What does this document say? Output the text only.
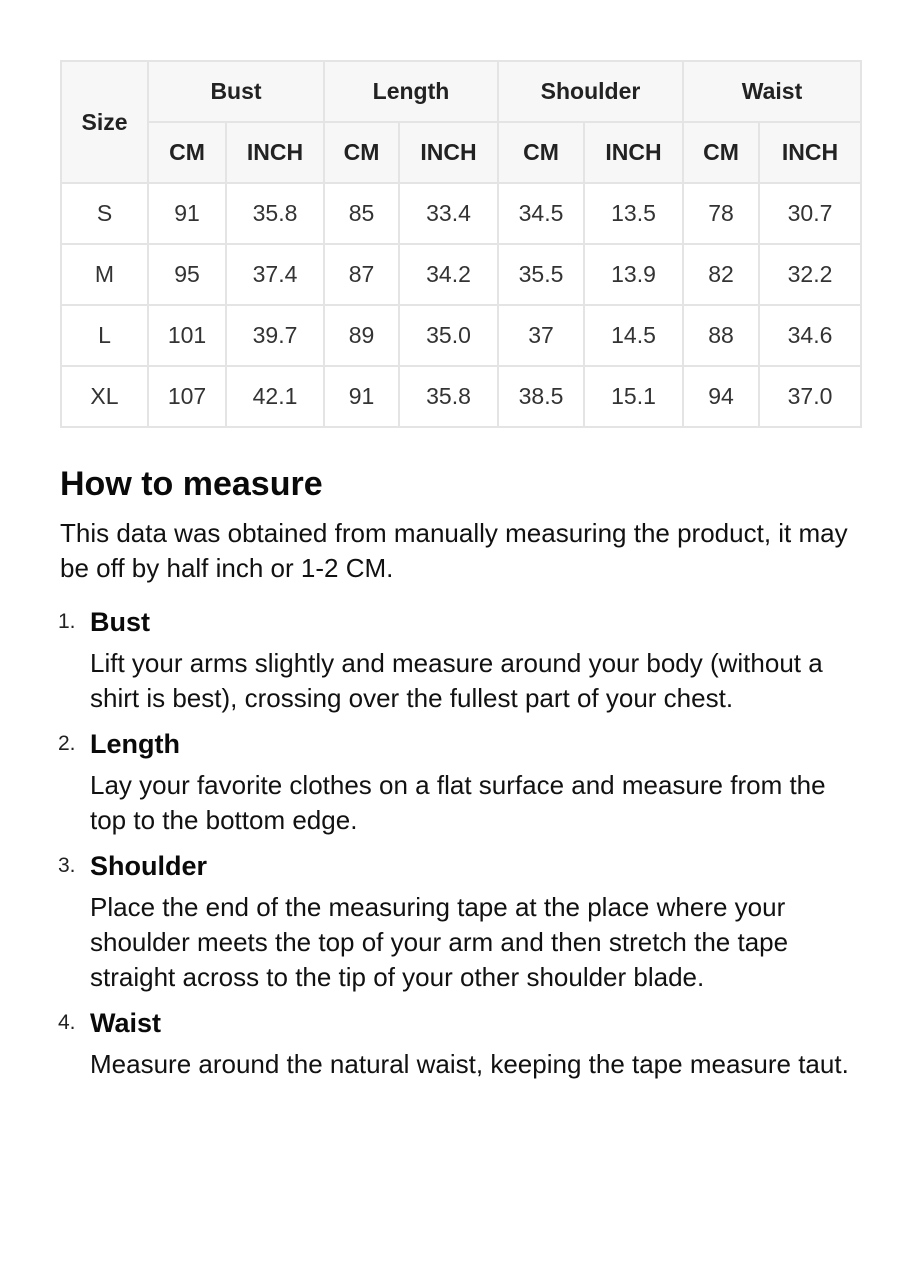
Size	Bust		Length		Shoulder		Waist	
	CM	INCH	CM	INCH	CM	INCH	CM	INCH
S	91	35.8	85	33.4	34.5	13.5	78	30.7
M	95	37.4	87	34.2	35.5	13.9	82	32.2
L	101	39.7	89	35.0	37	14.5	88	34.6
XL	107	42.1	91	35.8	38.5	15.1	94	37.0
How to measure

This data was obtained from manually measuring the product, it may be off by half inch or 1-2 CM.

1. Bust
Lift your arms slightly and measure around your body (without a shirt is best), crossing over the fullest part of your chest.
2. Length
Lay your favorite clothes on a flat surface and measure from the top to the bottom edge.
3. Shoulder
Place the end of the measuring tape at the place where your shoulder meets the top of your arm and then stretch the tape straight across to the tip of your other shoulder blade.
4. Waist
Measure around the natural waist, keeping the tape measure taut.
